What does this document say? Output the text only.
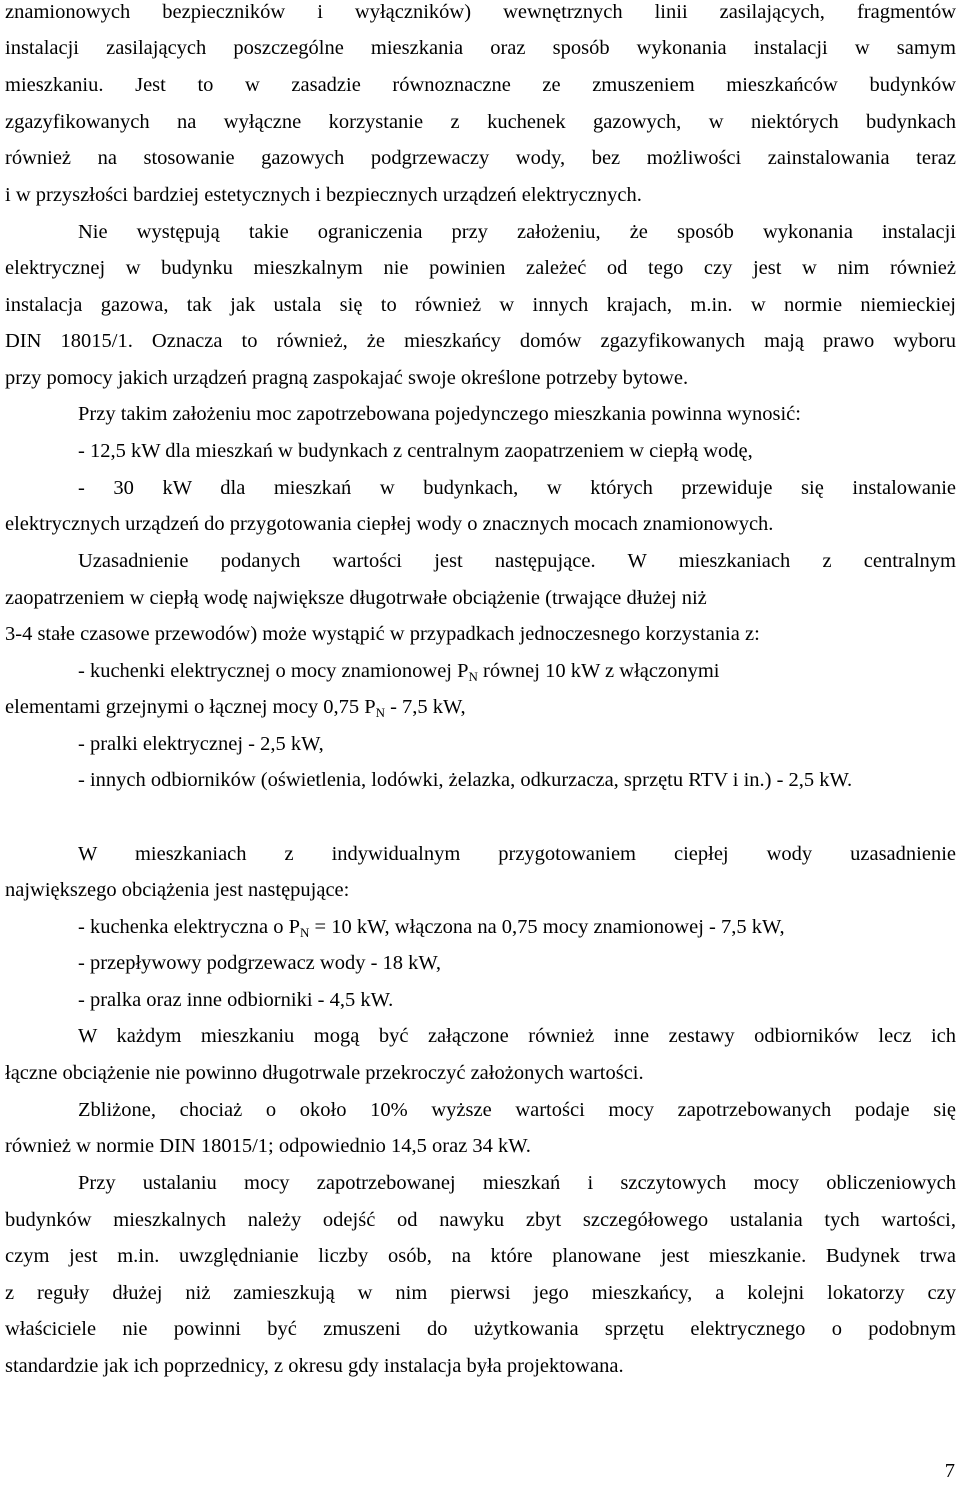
znamionowych bezpieczników i wyłączników) wewnętrznych linii zasilających, fragmentów
instalacji zasilających poszczególne mieszkania oraz sposób wykonania instalacji w samym
mieszkaniu. Jest to w zasadzie równoznaczne ze zmuszeniem mieszkańców budynków
zgazyfikowanych na wyłączne korzystanie z kuchenek gazowych, w niektórych budynkach
również na stosowanie gazowych podgrzewaczy wody, bez możliwości zainstalowania teraz
i w przyszłości bardziej estetycznych i bezpiecznych urządzeń elektrycznych.
Nie występują takie ograniczenia przy założeniu, że sposób wykonania instalacji
elektrycznej w budynku mieszkalnym nie powinien zależeć od tego czy jest w nim również
instalacja gazowa, tak jak ustala się to również w innych krajach, m.in. w normie niemieckiej
DIN 18015/1. Oznacza to również, że mieszkańcy domów zgazyfikowanych mają prawo wyboru
przy pomocy jakich urządzeń pragną zaspokajać swoje określone potrzeby bytowe.
Przy takim założeniu moc zapotrzebowana pojedynczego mieszkania powinna wynosić:
- 12,5 kW dla mieszkań w budynkach z centralnym zaopatrzeniem w ciepłą wodę,
- 30 kW dla mieszkań w budynkach, w których przewiduje się instalowanie
elektrycznych urządzeń do przygotowania ciepłej wody o znacznych mocach znamionowych.
Uzasadnienie podanych wartości jest następujące. W mieszkaniach z centralnym
zaopatrzeniem w ciepłą wodę największe długotrwałe obciążenie (trwające dłużej niż
3-4 stałe czasowe przewodów) może wystąpić w przypadkach jednoczesnego korzystania z:
- kuchenki elektrycznej o mocy znamionowej $P_N$ równej 10 kW z włączonymi
elementami grzejnymi o łącznej mocy 0,75 $P_N - 7,5$ kW,
- pralki elektrycznej - 2,5 kW,
- innych odbiorników (oświetlenia, lodówki, żelazka, odkurzacza, sprzętu RTV i in.) - 2,5 kW.
W mieszkaniach z indywidualnym przygotowaniem ciepłej wody uzasadnienie
największego obciążenia jest następujące:
- kuchenka elektryczna o $P_N = 10$ kW, włączona na 0,75 mocy znamionowej - 7,5 kW,
- przepływowy podgrzewacz wody - 18 kW,
- pralka oraz inne odbiorniki - 4,5 kW.
W każdym mieszkaniu mogą być załączone również inne zestawy odbiorników lecz ich
łączne obciążenie nie powinno długotrwale przekroczyć założonych wartości.
Zbliżone, chociaż o około 10% wyższe wartości mocy zapotrzebowanych podaje się
również w normie DIN 18015/1; odpowiednio 14,5 oraz 34 kW.
Przy ustalaniu mocy zapotrzebowanej mieszkań i szczytowych mocy obliczeniowych
budynków mieszkalnych należy odejść od nawyku zbyt szczegółowego ustalania tych wartości,
czym jest m.in. uwzględnianie liczby osób, na które planowane jest mieszkanie. Budynek trwa
z reguły dłużej niż zamieszkują w nim pierwsi jego mieszkańcy, a kolejni lokatorzy czy
właściciele nie powinni być zmuszeni do użytkowania sprzętu elektrycznego o podobnym
standardzie jak ich poprzednicy, z okresu gdy instalacja była projektowana.
7
